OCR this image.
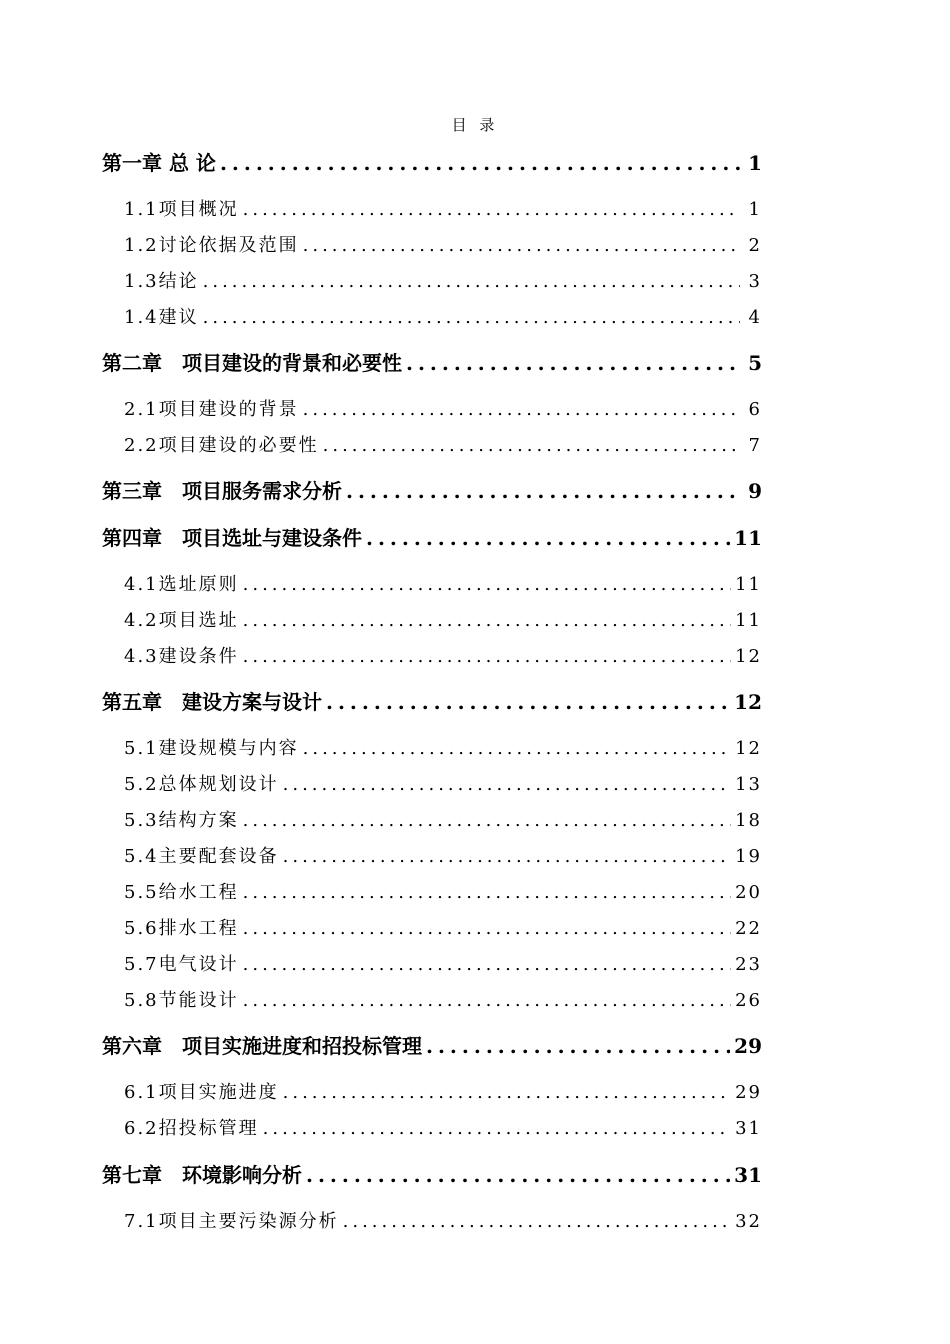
目 录
第一章 总 论 .....	1
1.1项目概况 .....	1
1.2讨论依据及范围 .....	2
1.3结论 .....	3
1.4建议 .....	4
第二章　项目建设的背景和必要性 .....	5
2.1项目建设的背景 .....	6
2.2项目建设的必要性 .....	7
第三章　项目服务需求分析 .....	9
第四章　项目选址与建设条件 .....	11
4.1选址原则 .....	11
4.2项目选址 .....	11
4.3建设条件 .....	12
第五章　建设方案与设计 .....	12
5.1建设规模与内容 .....	12
5.2总体规划设计 .....	13
5.3结构方案 .....	18
5.4主要配套设备 .....	19
5.5给水工程 .....	20
5.6排水工程 .....	22
5.7电气设计 .....	23
5.8节能设计 .....	26
第六章　项目实施进度和招投标管理 .....	29
6.1项目实施进度 .....	29
6.2招投标管理 .....	31
第七章　环境影响分析 .....	31
7.1项目主要污染源分析 .....	32
